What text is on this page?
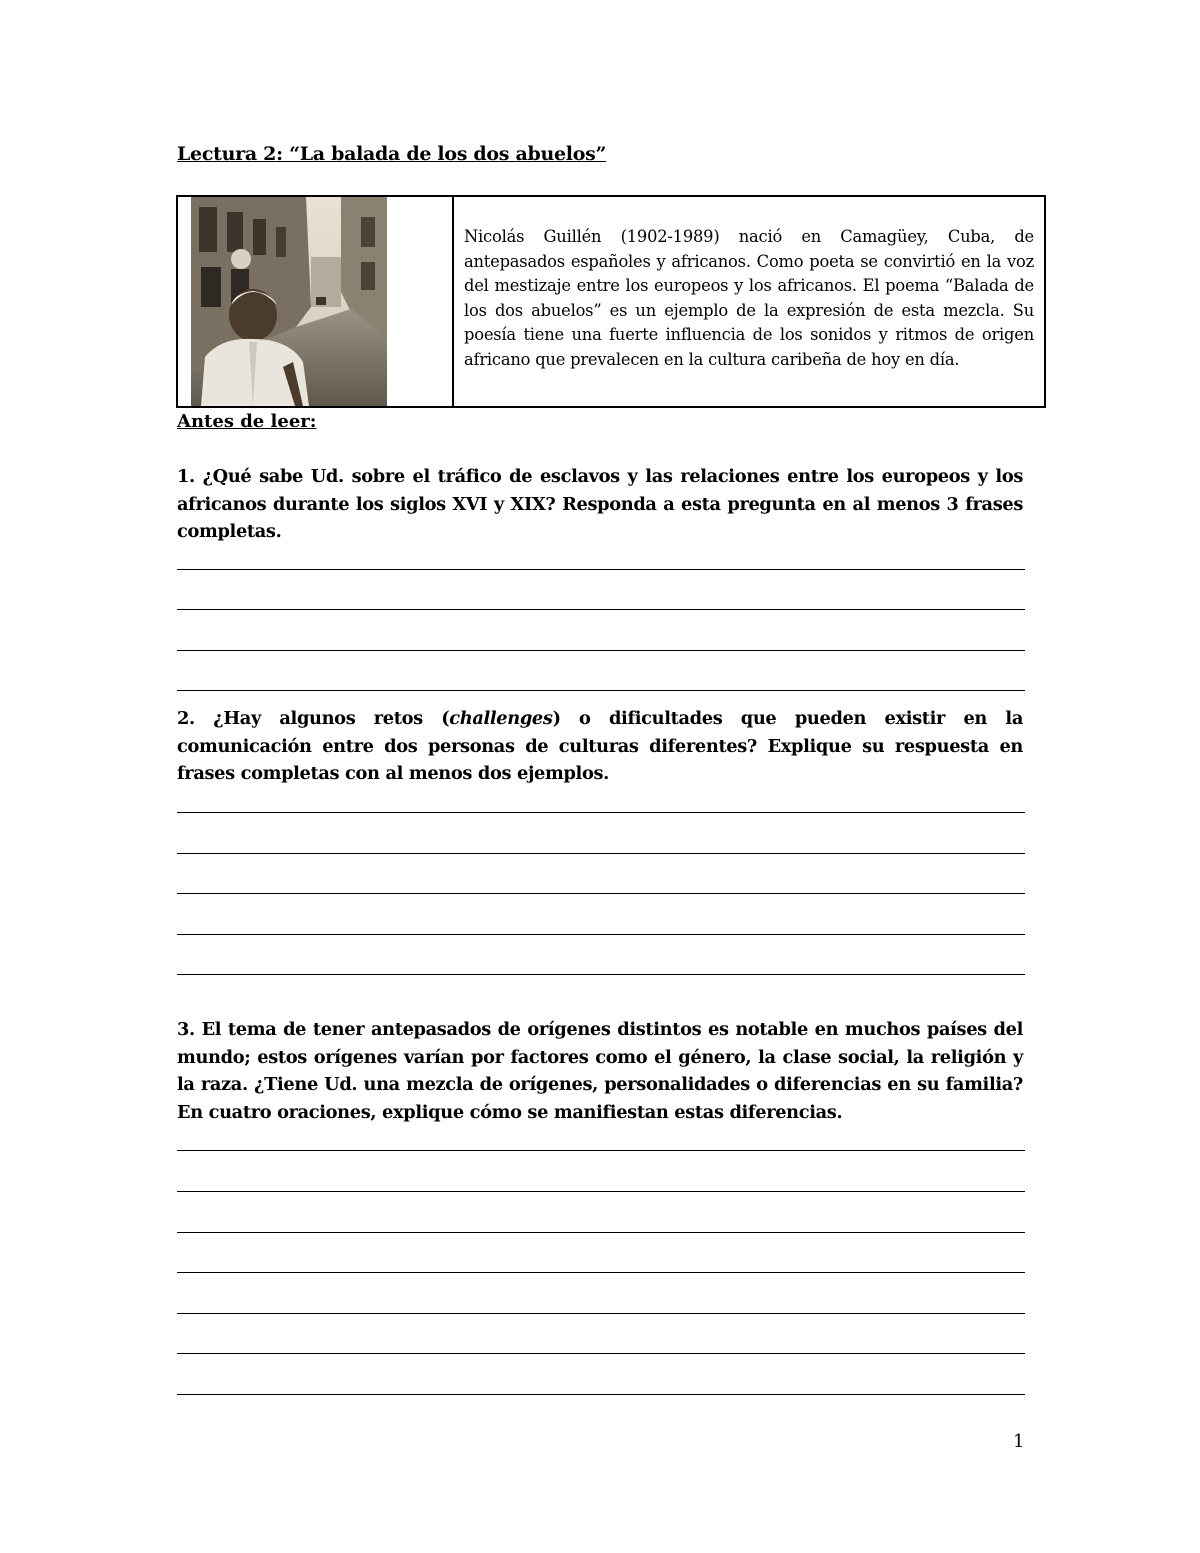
Lectura 2: “La balada de los dos abuelos”
Nicolás Guillén (1902-1989) nació en Camagüey, Cuba, de antepasados españoles y africanos. Como poeta se convirtió en la voz del mestizaje entre los europeos y los africanos. El poema “Balada de los dos abuelos” es un ejemplo de la expresión de esta mezcla. Su poesía tiene una fuerte influencia de los sonidos y ritmos de origen africano que prevalecen en la cultura caribeña de hoy en día.
Antes de leer:
1. ¿Qué sabe Ud. sobre el tráfico de esclavos y las relaciones entre los europeos y los africanos durante los siglos XVI y XIX? Responda a esta pregunta en al menos 3 frases completas.
2. ¿Hay algunos retos (challenges) o dificultades que pueden existir en la comunicación entre dos personas de culturas diferentes? Explique su respuesta en frases completas con al menos dos ejemplos.
3. El tema de tener antepasados de orígenes distintos es notable en muchos países del mundo; estos orígenes varían por factores como el género, la clase social, la religión y la raza. ¿Tiene Ud. una mezcla de orígenes, personalidades o diferencias en su familia? En cuatro oraciones, explique cómo se manifiestan estas diferencias.
1
